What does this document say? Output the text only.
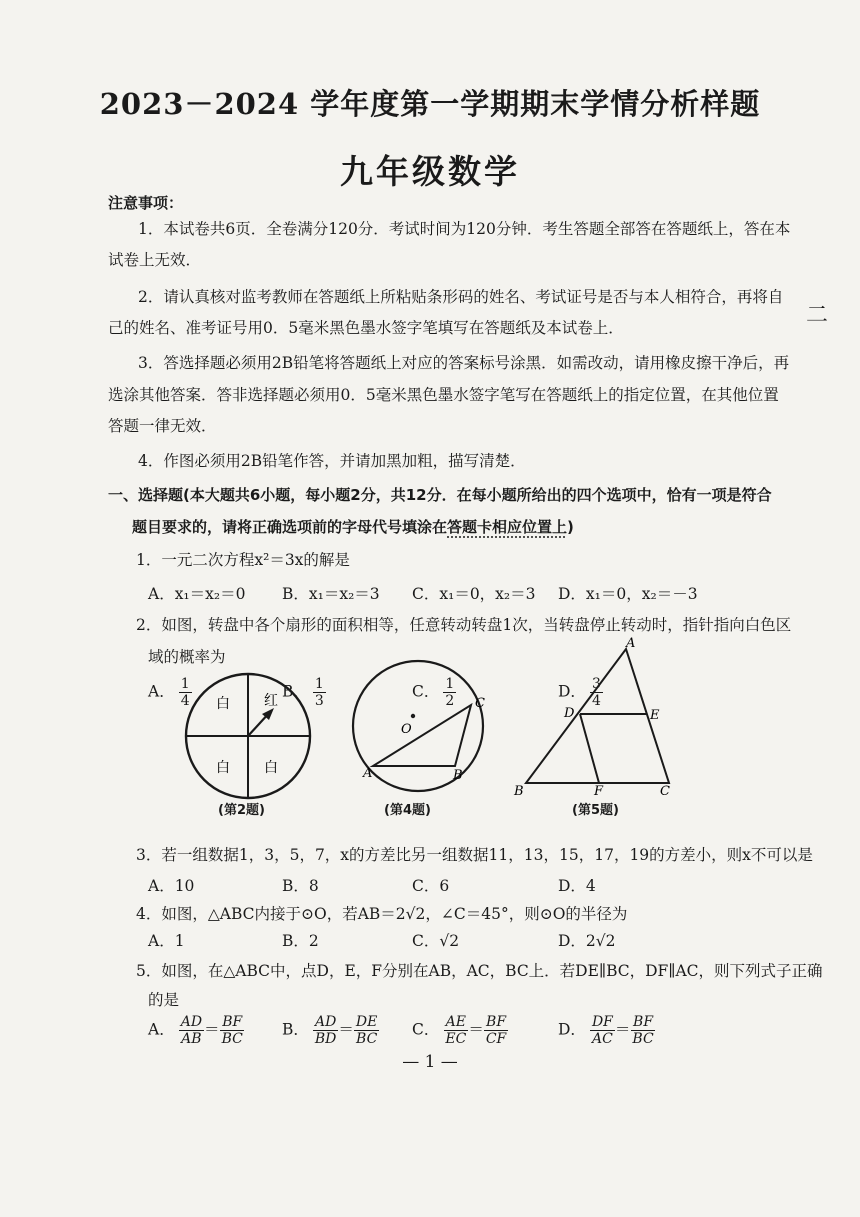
2023－2024 学年度第一学期期末学情分析样题
九年级数学
注意事项：
1．本试卷共6页．全卷满分120分．考试时间为120分钟．考生答题全部答在答题纸上，答在本
试卷上无效．
2．请认真核对监考教师在答题纸上所粘贴条形码的姓名、考试证号是否与本人相符合，再将自
己的姓名、准考证号用0．5毫米黑色墨水签字笔填写在答题纸及本试卷上．
3．答选择题必须用2B铅笔将答题纸上对应的答案标号涂黑．如需改动，请用橡皮擦干净后，再
选涂其他答案．答非选择题必须用0．5毫米黑色墨水签字笔写在答题纸上的指定位置，在其他位置
答题一律无效．
4．作图必须用2B铅笔作答，并请加黑加粗，描写清楚．
一、选择题(本大题共6小题，每小题2分，共12分．在每小题所给出的四个选项中，恰有一项是符合
题目要求的，请将正确选项前的字母代号填涂在答题卡相应位置上)
1．一元二次方程x²＝3x的解是
A．x₁＝x₂＝0 B．x₁＝x₂＝3 C．x₁＝0，x₂＝3 D．x₁＝0，x₂＝－3
2．如图，转盘中各个扇形的面积相等，任意转动转盘1次，当转盘停止转动时，指针指向白色区
域的概率为
A． $\frac{1}{4}$	B． $\frac{1}{3}$	C． $\frac{1}{2}$	D． $\frac{3}{4}$
白 红
白 白
(第2题)
O
A	B
C
(第4题)
A
B	C
D	E
F
(第5题)
3．若一组数据1，3，5，7，x的方差比另一组数据11，13，15，17，19的方差小，则x不可以是
A．10	B．8	C．6	D．4
4．如图，△ABC内接于⊙O，若AB＝2√2，∠C＝45°，则⊙O的半径为
A．1	B．2	C．√2	D．2√2
5．如图，在△ABC中，点D，E，F分别在AB，AC，BC上．若DE∥BC，DF∥AC，则下列式子正确
的是
A． $\frac{AD}{AB} = \frac{BF}{BC}$ B． $\frac{AD}{BD} = \frac{DE}{BC}$ C． $\frac{AE}{EC} = \frac{BF}{CF}$	D． $\frac{DF}{AC} = \frac{BF}{BC}$
二
— 1 —
